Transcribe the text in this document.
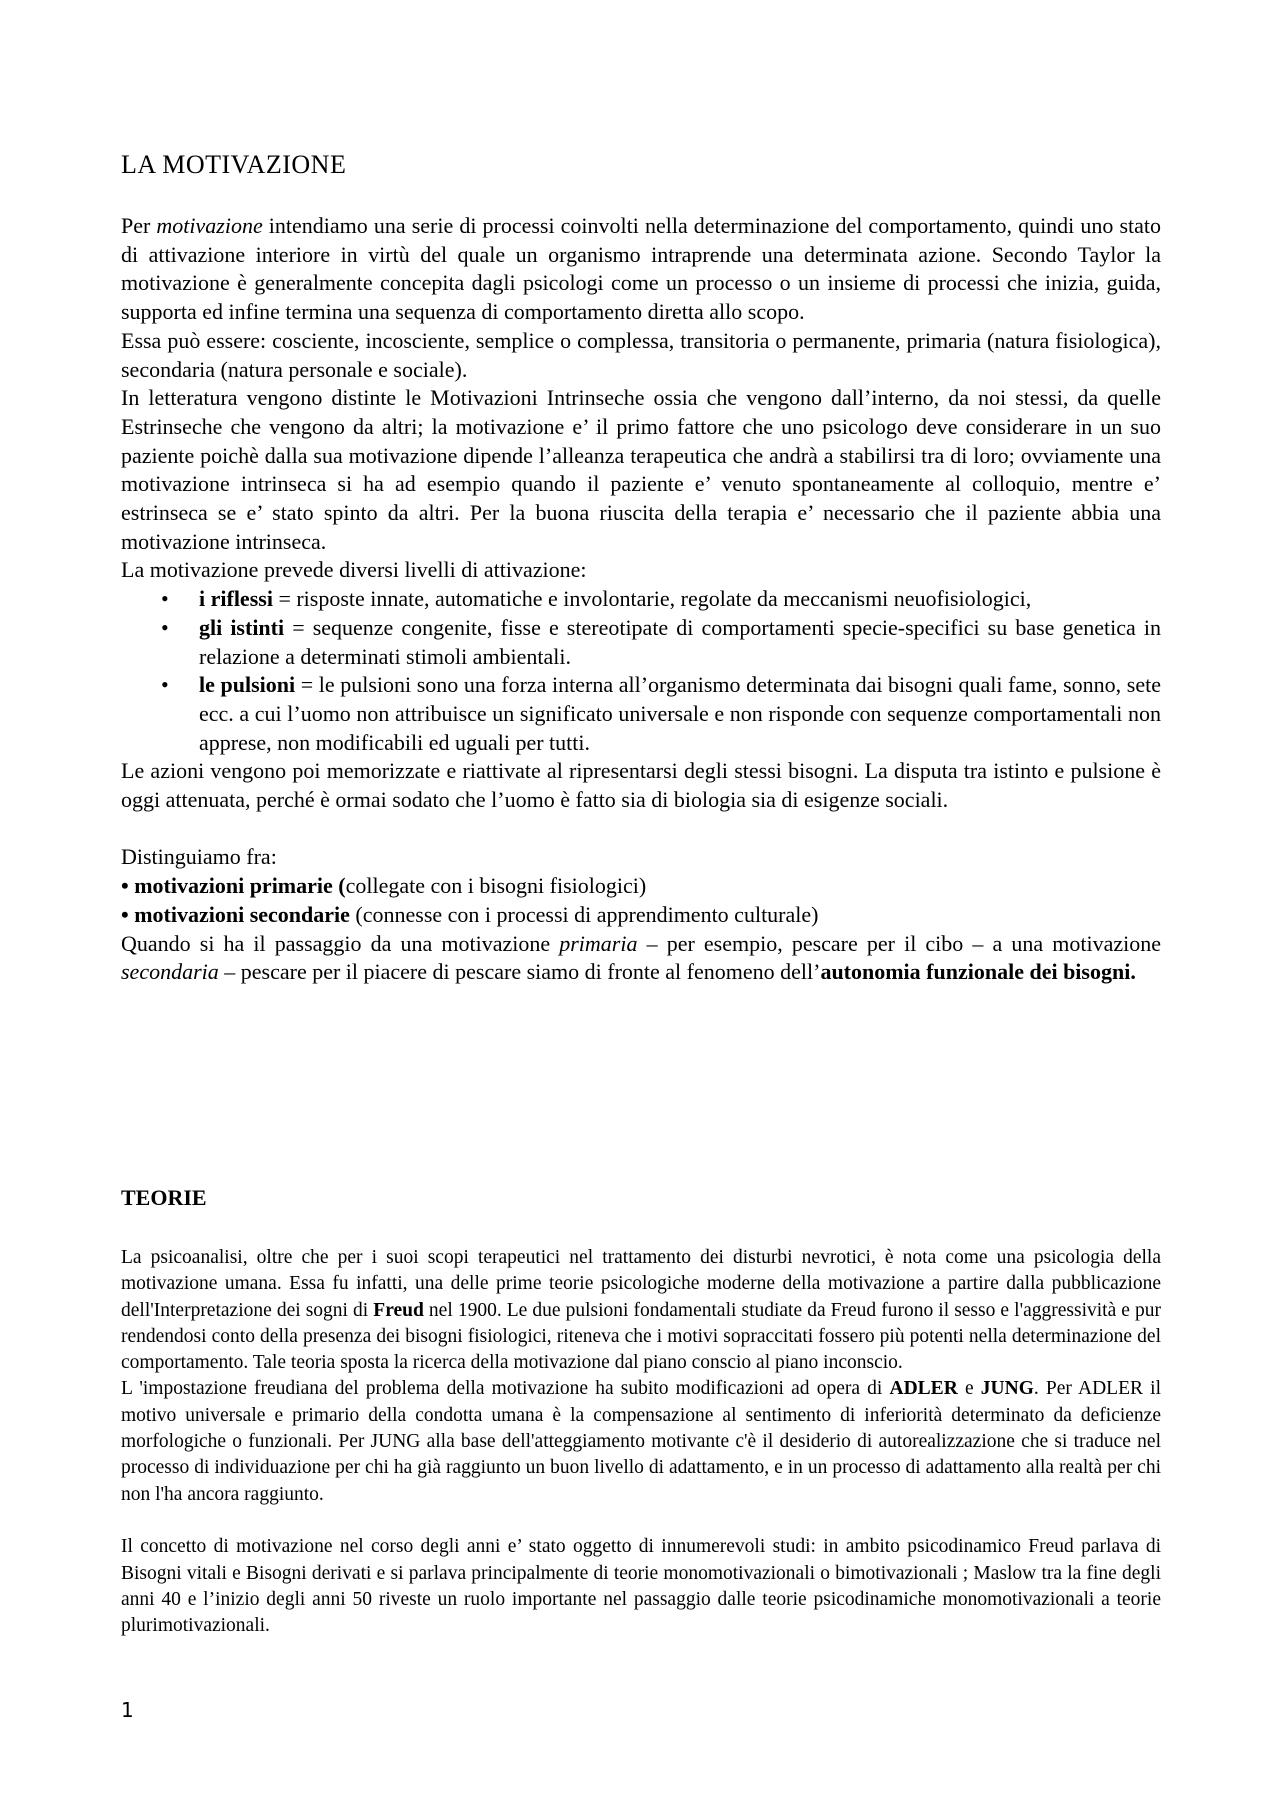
LA MOTIVAZIONE

Per motivazione intendiamo una serie di processi coinvolti nella determinazione del comportamento, quindi uno stato di attivazione interiore in virtù del quale un organismo intraprende una determinata azione. Secondo Taylor la motivazione è generalmente concepita dagli psicologi come un processo o un insieme di processi che inizia, guida, supporta ed infine termina una sequenza di comportamento diretta allo scopo.

Essa può essere: cosciente, incosciente, semplice o complessa, transitoria o permanente, primaria (natura fisiologica), secondaria (natura personale e sociale).

In letteratura vengono distinte le Motivazioni Intrinseche ossia che vengono dall’interno, da noi stessi, da quelle Estrinseche che vengono da altri; la motivazione e’ il primo fattore che uno psicologo deve considerare in un suo paziente poichè dalla sua motivazione dipende l’alleanza terapeutica che andrà a stabilirsi tra di loro; ovviamente una motivazione intrinseca si ha ad esempio quando il paziente e’ venuto spontaneamente al colloquio, mentre e’ estrinseca se e’ stato spinto da altri. Per la buona riuscita della terapia e’ necessario che il paziente abbia una motivazione intrinseca.

La motivazione prevede diversi livelli di attivazione:

• i riflessi = risposte innate, automatiche e involontarie, regolate da meccanismi neuofisiologici,
• gli istinti = sequenze congenite, fisse e stereotipate di comportamenti specie-specifici su base genetica in relazione a determinati stimoli ambientali.
• le pulsioni = le pulsioni sono una forza interna all’organismo determinata dai bisogni quali fame, sonno, sete ecc. a cui l’uomo non attribuisce un significato universale e non risponde con sequenze comportamentali non apprese, non modificabili ed uguali per tutti.

Le azioni vengono poi memorizzate e riattivate al ripresentarsi degli stessi bisogni. La disputa tra istinto e pulsione è oggi attenuata, perché è ormai sodato che l’uomo è fatto sia di biologia sia di esigenze sociali.

Distinguiamo fra:

• motivazioni primarie (collegate con i bisogni fisiologici)

• motivazioni secondarie (connesse con i processi di apprendimento culturale)

Quando si ha il passaggio da una motivazione primaria – per esempio, pescare per il cibo – a una motivazione secondaria – pescare per il piacere di pescare siamo di fronte al fenomeno dell’autonomia funzionale dei bisogni.

TEORIE

La psicoanalisi, oltre che per i suoi scopi terapeutici nel trattamento dei disturbi nevrotici, è nota come una psicologia della motivazione umana. Essa fu infatti, una delle prime teorie psicologiche moderne della motivazione a partire dalla pubblicazione dell'Interpretazione dei sogni di Freud nel 1900. Le due pulsioni fondamentali studiate da Freud furono il sesso e l'aggressività e pur rendendosi conto della presenza dei bisogni fisiologici, riteneva che i motivi sopraccitati fossero più potenti nella determinazione del comportamento. Tale teoria sposta la ricerca della motivazione dal piano conscio al piano inconscio.

L 'impostazione freudiana del problema della motivazione ha subito modificazioni ad opera di ADLER e JUNG. Per ADLER il motivo universale e primario della condotta umana è la compensazione al sentimento di inferiorità determinato da deficienze morfologiche o funzionali. Per JUNG alla base dell'atteggiamento motivante c'è il desiderio di autorealizzazione che si traduce nel processo di individuazione per chi ha già raggiunto un buon livello di adattamento, e in un processo di adattamento alla realtà per chi non l'ha ancora raggiunto.

Il concetto di motivazione nel corso degli anni e’ stato oggetto di innumerevoli studi: in ambito psicodinamico Freud parlava di Bisogni vitali e Bisogni derivati e si parlava principalmente di teorie monomotivazionali o bimotivazionali ; Maslow tra la fine degli anni 40 e l’inizio degli anni 50 riveste un ruolo importante nel passaggio dalle teorie psicodinamiche monomotivazionali a teorie plurimotivazionali.

1
